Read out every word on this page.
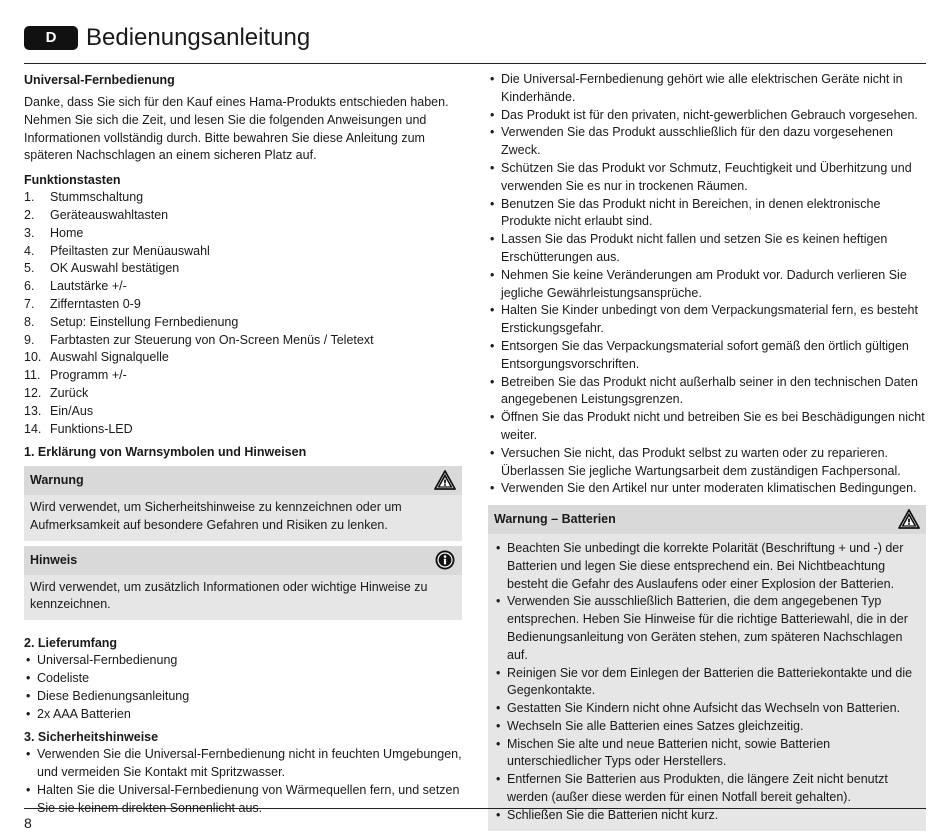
D	Bedienungsanleitung
Universal-Fernbedienung

Danke, dass Sie sich für den Kauf eines Hama-Produkts entschieden haben. Nehmen Sie sich die Zeit, und lesen Sie die folgenden Anweisungen und Informationen vollständig durch. Bitte bewahren Sie diese Anleitung zum späteren Nachschlagen an einem sicheren Platz auf.

Funktionstasten
1.	Stummschaltung
2.	Geräteauswahltasten
3.	Home
4.	Pfeiltasten zur Menüauswahl
5.	OK Auswahl bestätigen
6.	Lautstärke +/-
7.	Zifferntasten 0-9
8.	Setup: Einstellung Fernbedienung
9.	Farbtasten zur Steuerung von On-Screen Menüs / Teletext
10. Auswahl Signalquelle
11. Programm +/-
12. Zurück
13. Ein/Aus
14. Funktions-LED
1. Erklärung von Warnsymbolen und Hinweisen
Warnung
Wird verwendet, um Sicherheitshinweise zu kennzeichnen oder um Aufmerksamkeit auf besondere Gefahren und Risiken zu lenken.
Hinweis
Wird verwendet, um zusätzlich Informationen oder wichtige Hinweise zu kennzeichnen.
2. Lieferumfang
• Universal-Fernbedienung
• Codeliste
• Diese Bedienungsanleitung
• 2x AAA Batterien
3. Sicherheitshinweise
• Verwenden Sie die Universal-Fernbedienung nicht in feuchten Umgebungen, und vermeiden Sie Kontakt mit Spritzwasser.
• Halten Sie die Universal-Fernbedienung von Wärmequellen fern, und setzen Sie sie keinem direkten Sonnenlicht aus.
• Die Universal-Fernbedienung gehört wie alle elektrischen Geräte nicht in Kinderhände.
• Das Produkt ist für den privaten, nicht-gewerblichen Gebrauch vorgesehen.
• Verwenden Sie das Produkt ausschließlich für den dazu vorgesehenen Zweck.
• Schützen Sie das Produkt vor Schmutz, Feuchtigkeit und Überhitzung und verwenden Sie es nur in trockenen Räumen.
• Benutzen Sie das Produkt nicht in Bereichen, in denen elektronische Produkte nicht erlaubt sind.
• Lassen Sie das Produkt nicht fallen und setzen Sie es keinen heftigen Erschütterungen aus.
• Nehmen Sie keine Veränderungen am Produkt vor. Dadurch verlieren Sie jegliche Gewährleistungsansprüche.
• Halten Sie Kinder unbedingt von dem Verpackungsmaterial fern, es besteht Erstickungsgefahr.
• Entsorgen Sie das Verpackungsmaterial sofort gemäß den örtlich gültigen Entsorgungsvorschriften.
• Betreiben Sie das Produkt nicht außerhalb seiner in den technischen Daten angegebenen Leistungsgrenzen.
• Öffnen Sie das Produkt nicht und betreiben Sie es bei Beschädigungen nicht weiter.
• Versuchen Sie nicht, das Produkt selbst zu warten oder zu reparieren. Überlassen Sie jegliche Wartungsarbeit dem zuständigen Fachpersonal.
• Verwenden Sie den Artikel nur unter moderaten klimatischen Bedingungen.
Warnung – Batterien
• Beachten Sie unbedingt die korrekte Polarität (Beschriftung + und -) der Batterien und legen Sie diese entsprechend ein. Bei Nichtbeachtung besteht die Gefahr des Auslaufens oder einer Explosion der Batterien.
• Verwenden Sie ausschließlich Batterien, die dem angegebenen Typ entsprechen. Heben Sie Hinweise für die richtige Batteriewahl, die in der Bedienungsanleitung von Geräten stehen, zum späteren Nachschlagen auf.
• Reinigen Sie vor dem Einlegen der Batterien die Batteriekontakte und die Gegenkontakte.
• Gestatten Sie Kindern nicht ohne Aufsicht das Wechseln von Batterien.
• Wechseln Sie alle Batterien eines Satzes gleichzeitig.
• Mischen Sie alte und neue Batterien nicht, sowie Batterien unterschiedlicher Typs oder Herstellers.
• Entfernen Sie Batterien aus Produkten, die längere Zeit nicht benutzt werden (außer diese werden für einen Notfall bereit gehalten).
• Schließen Sie die Batterien nicht kurz.
8
